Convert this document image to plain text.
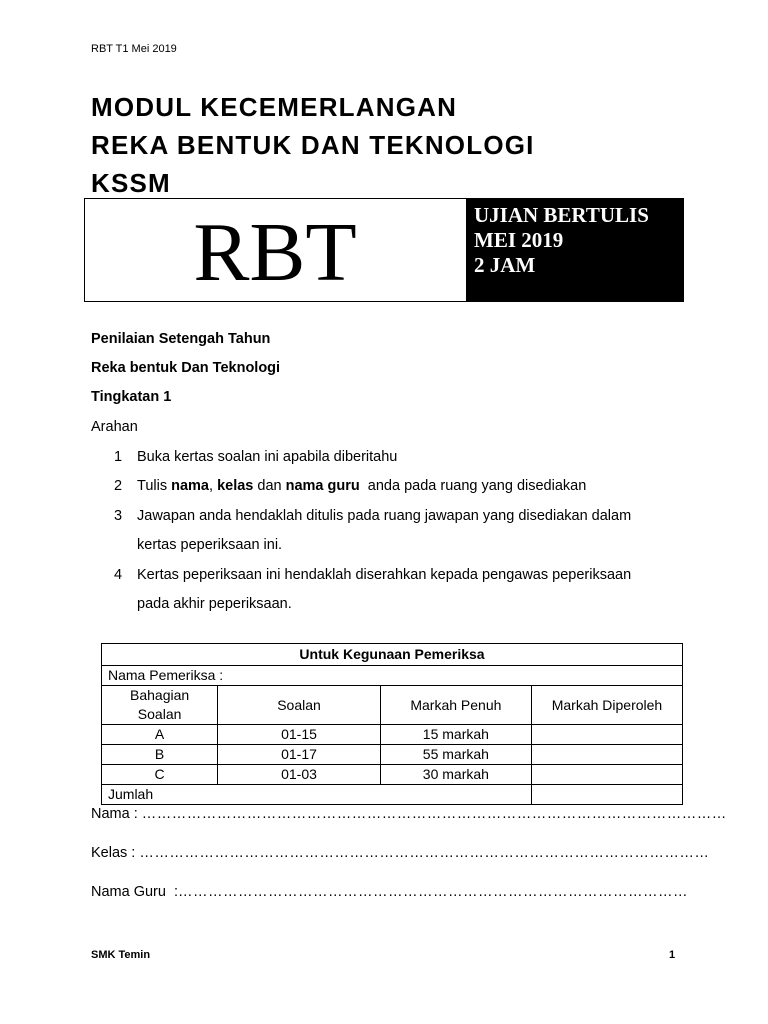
RBT T1 Mei 2019
MODUL KECEMERLANGAN
REKA BENTUK DAN TEKNOLOGI
KSSM
RBT	UJIAN BERTULIS
MEI 2019
2 JAM
Penilaian Setengah Tahun
Reka bentuk Dan Teknologi
Tingkatan 1
Arahan
1 Buka kertas soalan ini apabila diberitahu
2 Tulis nama, kelas dan nama guru  anda pada ruang yang disediakan
3 Jawapan anda hendaklah ditulis pada ruang jawapan yang disediakan dalam
kertas peperiksaan ini.
4 Kertas peperiksaan ini hendaklah diserahkan kepada pengawas peperiksaan
pada akhir peperiksaan.
Untuk Kegunaan Pemeriksa			
Nama Pemeriksa :			
Bahagian Soalan	Soalan	Markah Penuh	Markah Diperoleh
A	01-15	15 markah	
B	01-17	55 markah	
C	01-03	30 markah	
Jumlah			
Nama : ………………………………………………………………………………………………………
Kelas : ……………………………………………………………………………………………………
Nama Guru  :…………………………………………………………………………………………
SMK Temin	1
